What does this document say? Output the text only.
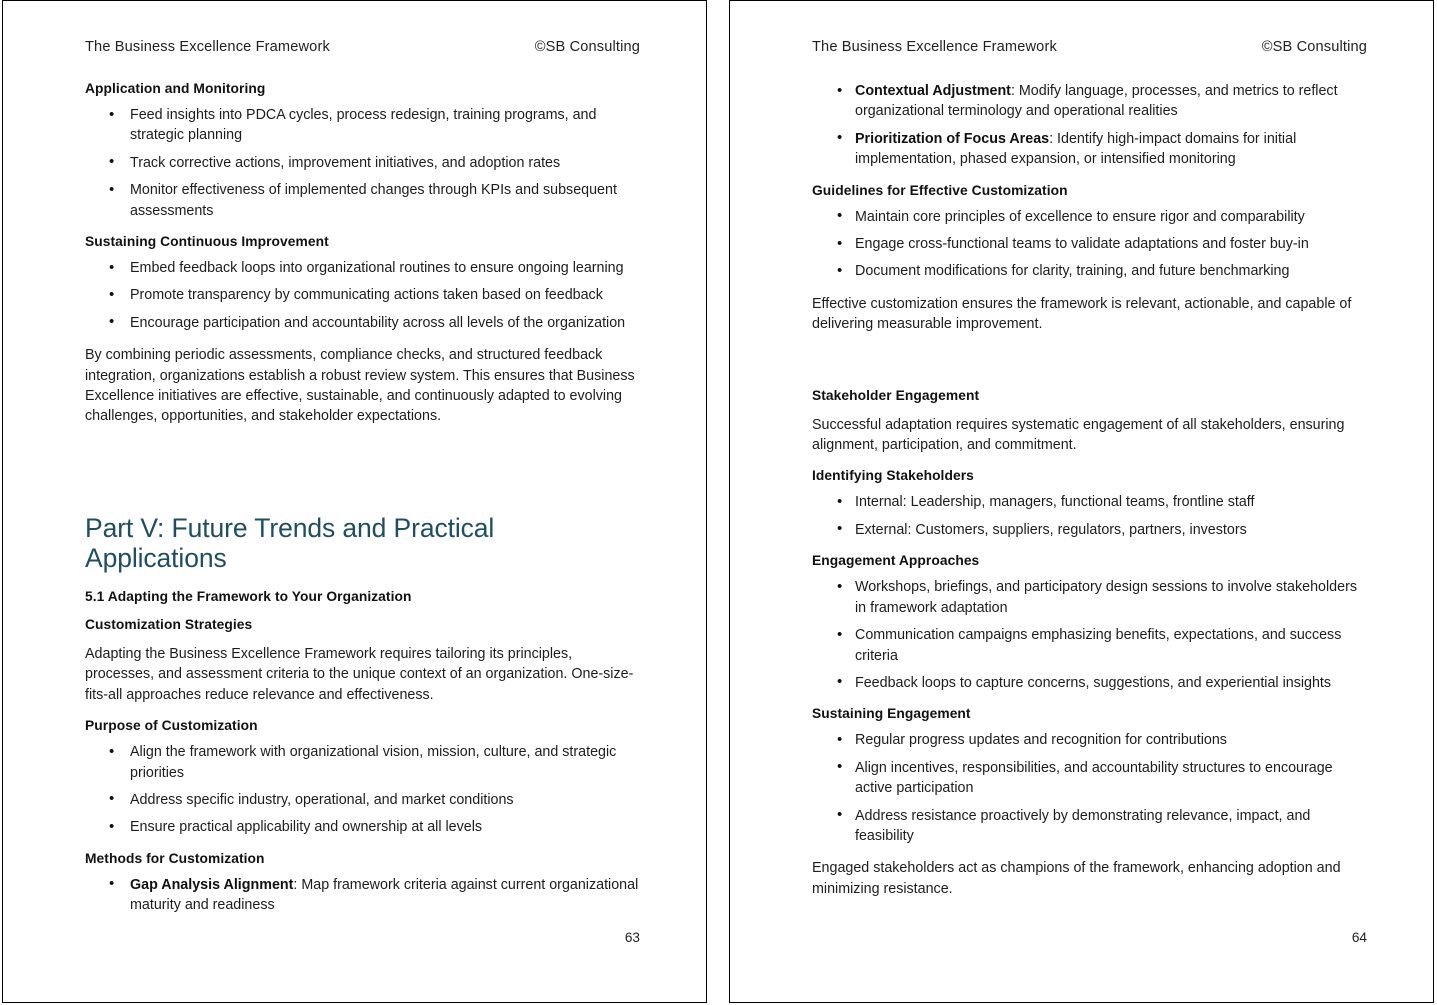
The Business Excellence Framework	©SB Consulting
Application and Monitoring
• Feed insights into PDCA cycles, process redesign, training programs, and strategic planning
• Track corrective actions, improvement initiatives, and adoption rates
• Monitor effectiveness of implemented changes through KPIs and subsequent assessments
Sustaining Continuous Improvement
• Embed feedback loops into organizational routines to ensure ongoing learning
• Promote transparency by communicating actions taken based on feedback
• Encourage participation and accountability across all levels of the organization

By combining periodic assessments, compliance checks, and structured feedback integration, organizations establish a robust review system. This ensures that Business Excellence initiatives are effective, sustainable, and continuously adapted to evolving challenges, opportunities, and stakeholder expectations.

Part V: Future Trends and Practical Applications
5.1 Adapting the Framework to Your Organization
Customization Strategies

Adapting the Business Excellence Framework requires tailoring its principles, processes, and assessment criteria to the unique context of an organization. One-size-fits-all approaches reduce relevance and effectiveness.

Purpose of Customization
• Align the framework with organizational vision, mission, culture, and strategic priorities
• Address specific industry, operational, and market conditions
• Ensure practical applicability and ownership at all levels
Methods for Customization
• Gap Analysis Alignment: Map framework criteria against current organizational maturity and readiness
63
The Business Excellence Framework	©SB Consulting
• Contextual Adjustment: Modify language, processes, and metrics to reflect organizational terminology and operational realities
• Prioritization of Focus Areas: Identify high-impact domains for initial implementation, phased expansion, or intensified monitoring
Guidelines for Effective Customization
• Maintain core principles of excellence to ensure rigor and comparability
• Engage cross-functional teams to validate adaptations and foster buy-in
• Document modifications for clarity, training, and future benchmarking

Effective customization ensures the framework is relevant, actionable, and capable of delivering measurable improvement.

Stakeholder Engagement

Successful adaptation requires systematic engagement of all stakeholders, ensuring alignment, participation, and commitment.

Identifying Stakeholders
• Internal: Leadership, managers, functional teams, frontline staff
• External: Customers, suppliers, regulators, partners, investors
Engagement Approaches
• Workshops, briefings, and participatory design sessions to involve stakeholders in framework adaptation
• Communication campaigns emphasizing benefits, expectations, and success criteria
• Feedback loops to capture concerns, suggestions, and experiential insights
Sustaining Engagement
• Regular progress updates and recognition for contributions
• Align incentives, responsibilities, and accountability structures to encourage active participation
• Address resistance proactively by demonstrating relevance, impact, and feasibility

Engaged stakeholders act as champions of the framework, enhancing adoption and minimizing resistance.

64
